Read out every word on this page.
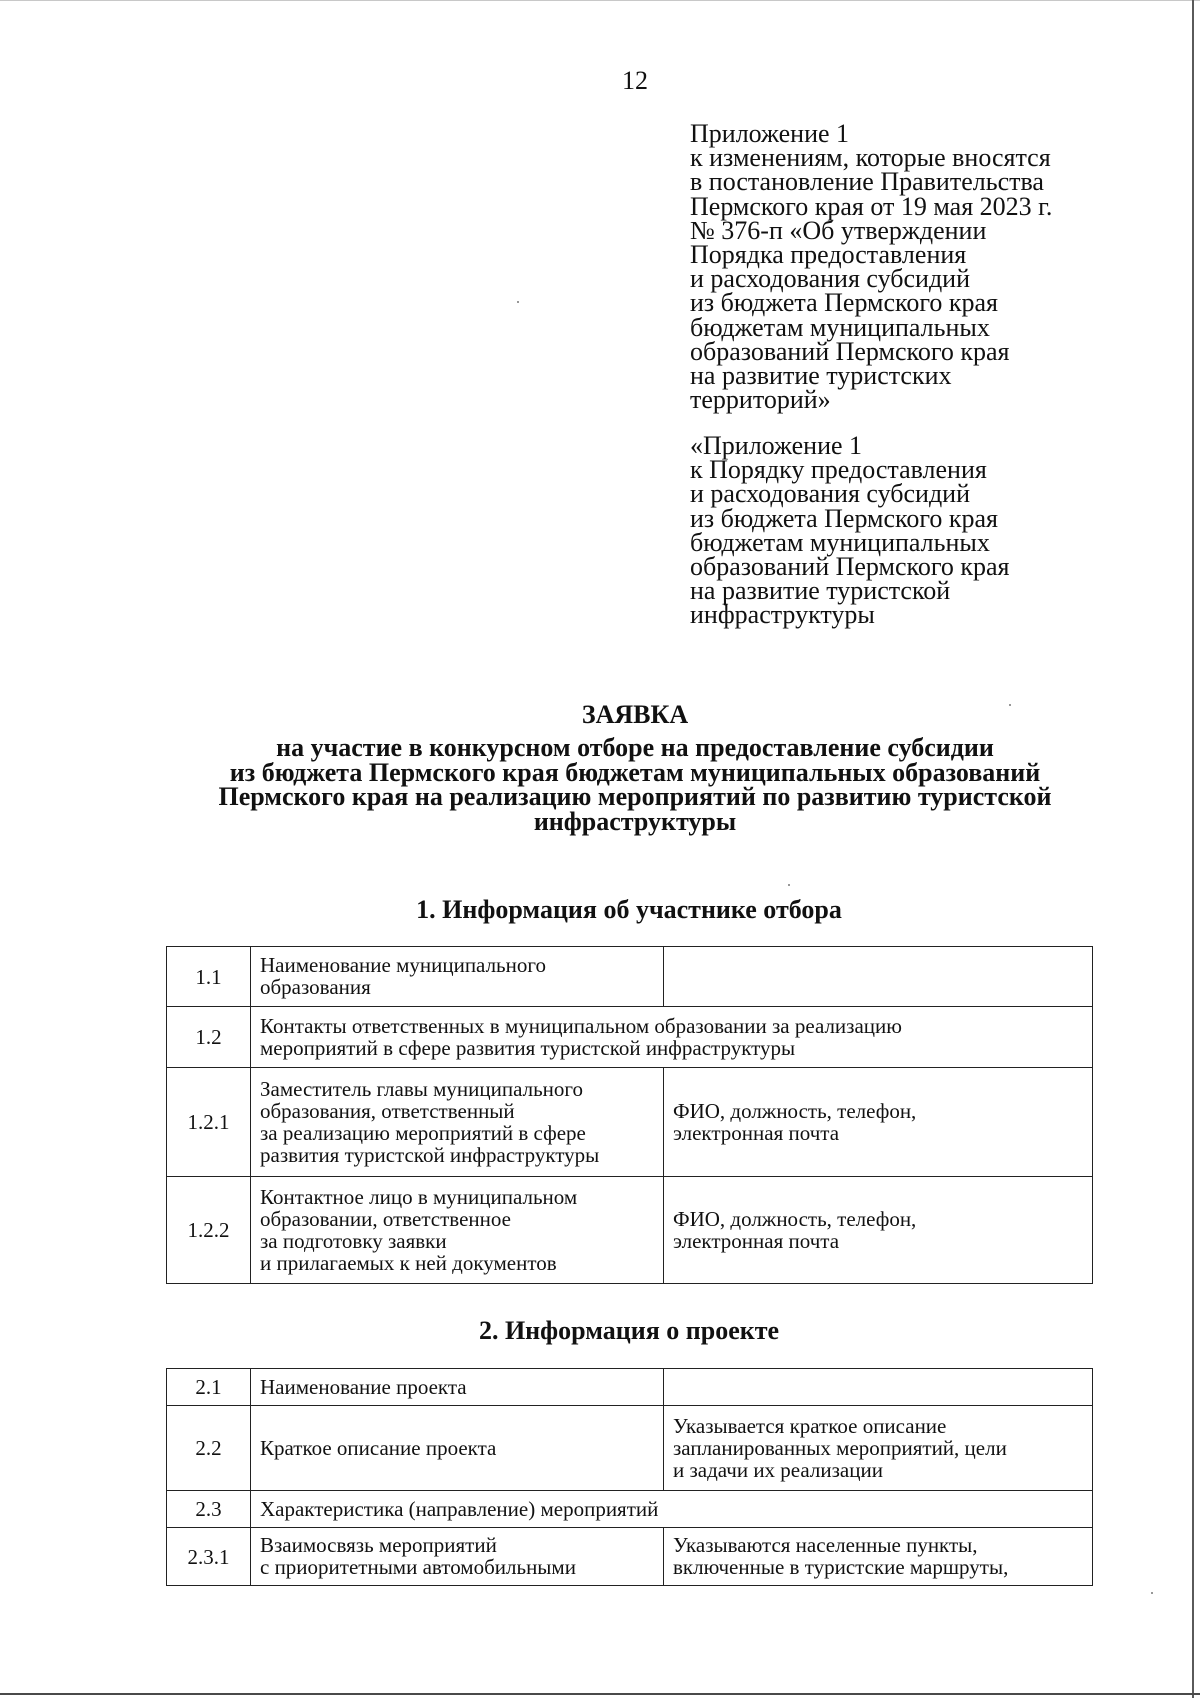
12
Приложение 1
к изменениям, которые вносятся
в постановление Правительства
Пермского края от 19 мая 2023 г.
№ 376-п «Об утверждении
Порядка предоставления
и расходования субсидий
из бюджета Пермского края
бюджетам муниципальных
образований Пермского края
на развитие туристских
территорий»
«Приложение 1
к Порядку предоставления
и расходования субсидий
из бюджета Пермского края
бюджетам муниципальных
образований Пермского края
на развитие туристской
инфраструктуры
ЗАЯВКА
на участие в конкурсном отборе на предоставление субсидии
из бюджета Пермского края бюджетам муниципальных образований
Пермского края на реализацию мероприятий по развитию туристской
инфраструктуры
1. Информация об участнике отбора
1.1	Наименование муниципального
образования	
1.2	Контакты ответственных в муниципальном образовании за реализацию
мероприятий в сфере развития туристской инфраструктуры	
1.2.1	Заместитель главы муниципального
образования, ответственный
за реализацию мероприятий в сфере
развития туристской инфраструктуры	ФИО, должность, телефон,
электронная почта
1.2.2	Контактное лицо в муниципальном
образовании, ответственное
за подготовку заявки
и прилагаемых к ней документов	ФИО, должность, телефон,
электронная почта
2. Информация о проекте
2.1	Наименование проекта	
2.2	Краткое описание проекта	Указывается краткое описание
запланированных мероприятий, цели
и задачи их реализации
2.3	Характеристика (направление) мероприятий	
2.3.1	Взаимосвязь мероприятий
с приоритетными автомобильными	Указываются населенные пункты,
включенные в туристские маршруты,
